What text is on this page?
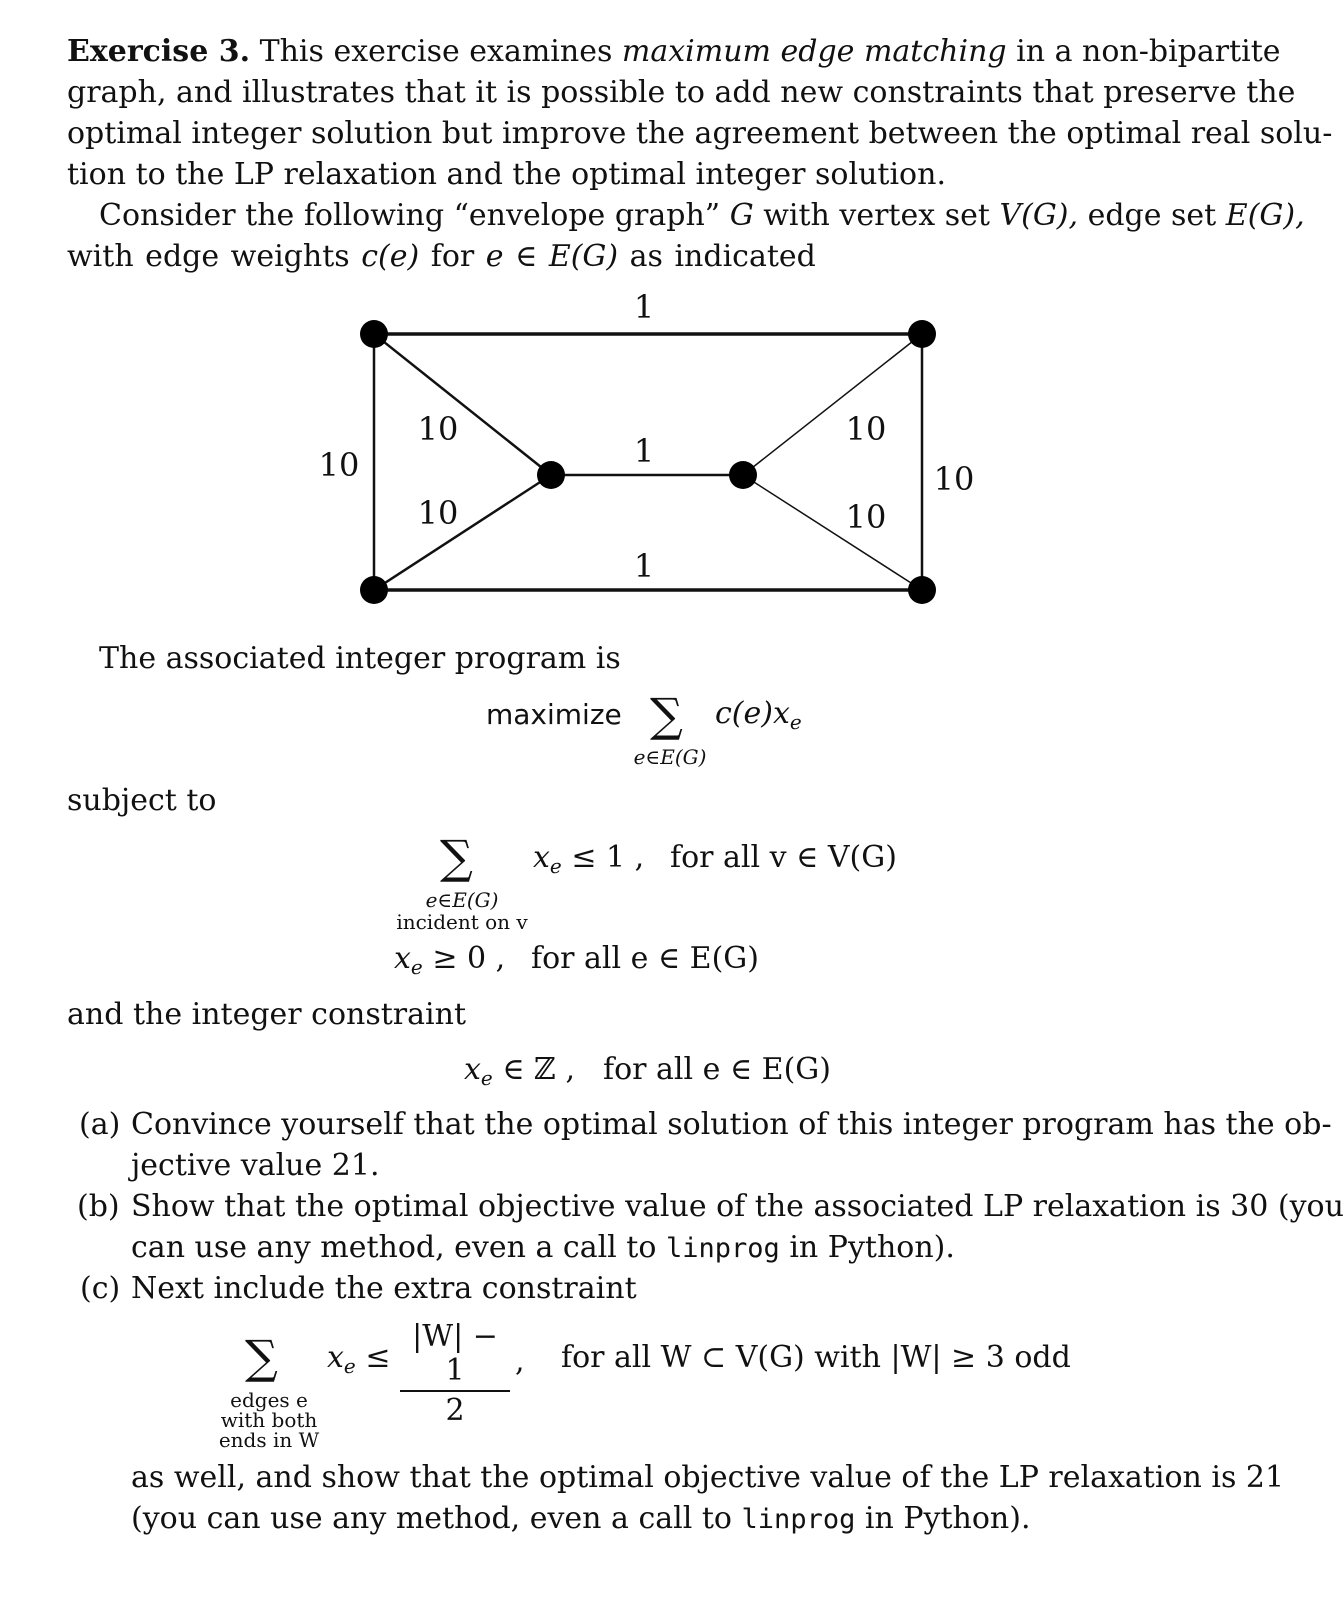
Exercise 3. This exercise examines maximum edge matching in a non-bipartite
graph, and illustrates that it is possible to add new constraints that preserve the
optimal integer solution but improve the agreement between the optimal real solu-
tion to the LP relaxation and the optimal integer solution.
Consider the following “envelope graph” G with vertex set V(G), edge set E(G),
with edge weights c(e) for e ∈ E(G) as indicated
1
10	10
10
10
1
10
10
1
The associated integer program is
maximize ∑ $c(e)x_e$
e∈E(G)
subject to
∑
e∈E(G)
incident on v
$x_e \le 1$ , for all v ∈ V(G)
$x_e \ge 0$ , for all e ∈ E(G)
and the integer constraint
$x_e$ ∈ ℤ , for all e ∈ E(G)
(a) Convince yourself that the optimal solution of this integer program has the ob-
jective value 21.
(b) Show that the optimal objective value of the associated LP relaxation is 30 (you
can use any method, even a call to linprog in Python).
(c) Next include the extra constraint
∑
edges e
with both
ends in W
$x_e$ ≤
|W| − 1
2
, for all W ⊂ V(G) with |W| ≥ 3 odd
as well, and show that the optimal objective value of the LP relaxation is 21
(you can use any method, even a call to linprog in Python).
